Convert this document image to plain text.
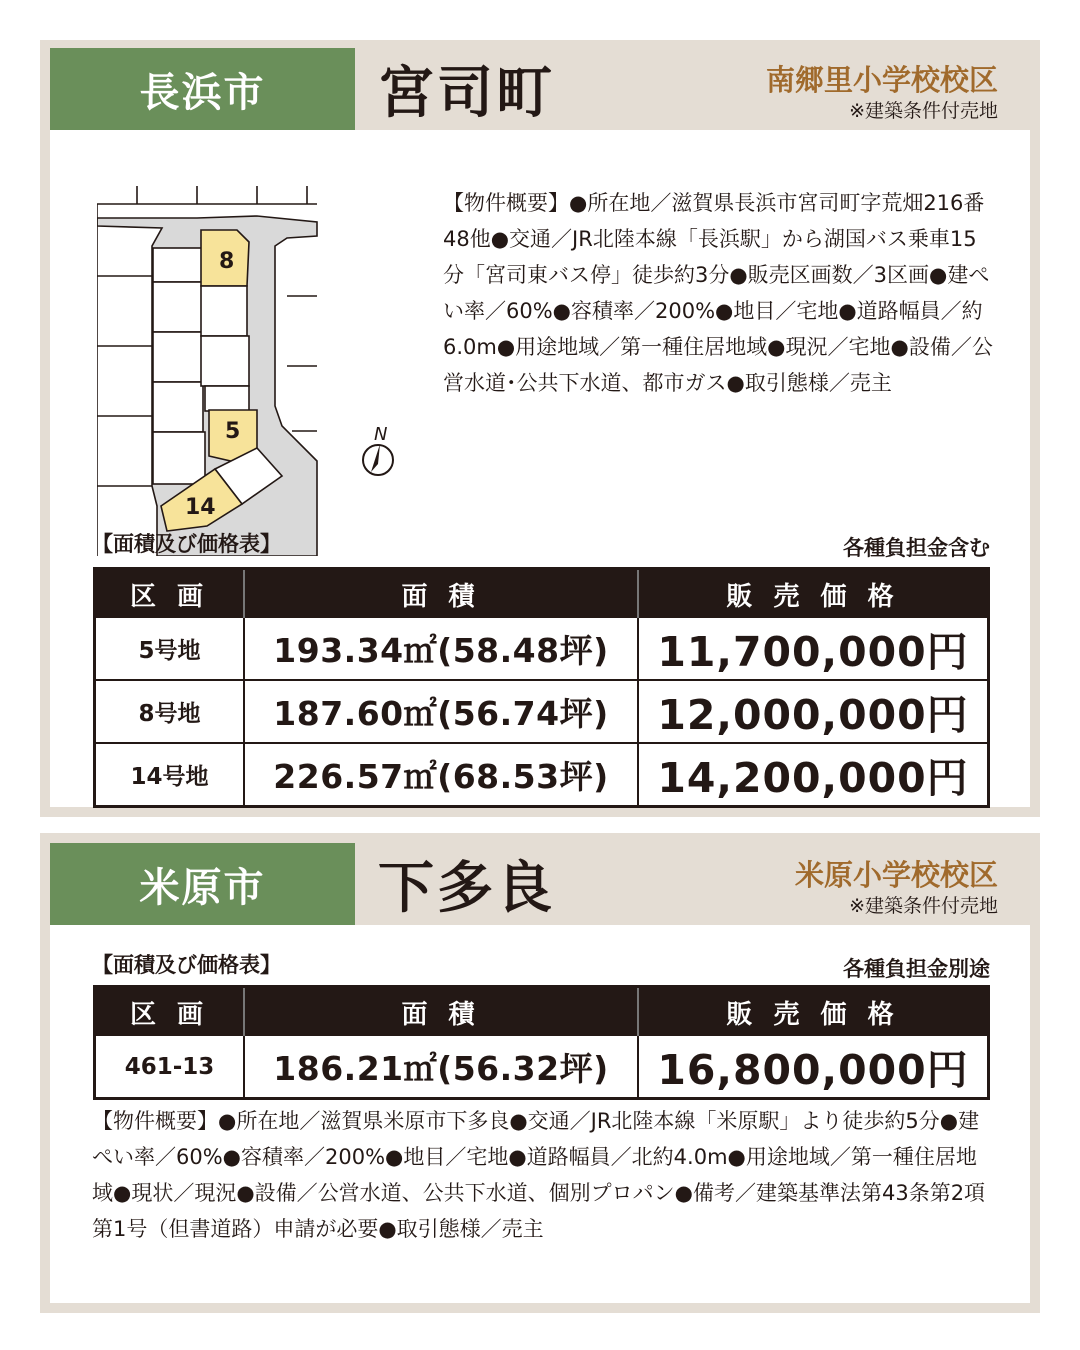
長浜市	宮司町	南郷里小学校校区
※建築条件付売地
8
5
14
N
【物件概要】●所在地／滋賀県長浜市宮司町字荒畑216番48他●交通／JR北陸本線「長浜駅」から湖国バス乗車15分「宮司東バス停」徒歩約3分●販売区画数／3区画●建ぺい率／60%●容積率／200%●地目／宅地●道路幅員／約6.0m●用途地域／第一種住居地域●現況／宅地●設備／公営水道･公共下水道、都市ガス●取引態様／売主
【面積及び価格表】	各種負担金含む
区 画	面 積	販 売 価 格
5号地	193.34㎡(58.48坪)	11,700,000円
8号地	187.60㎡(56.74坪)	12,000,000円
14号地	226.57㎡(68.53坪)	14,200,000円
米原市	下多良	米原小学校校区
※建築条件付売地
【面積及び価格表】	各種負担金別途
区 画	面 積	販 売 価 格
461-13	186.21㎡(56.32坪)	16,800,000円
【物件概要】●所在地／滋賀県米原市下多良●交通／JR北陸本線「米原駅」より徒歩約5分●建ぺい率／60%●容積率／200%●地目／宅地●道路幅員／北約4.0m●用途地域／第一種住居地域●現状／現況●設備／公営水道、公共下水道、個別プロパン●備考／建築基準法第43条第2項第1号（但書道路）申請が必要●取引態様／売主
